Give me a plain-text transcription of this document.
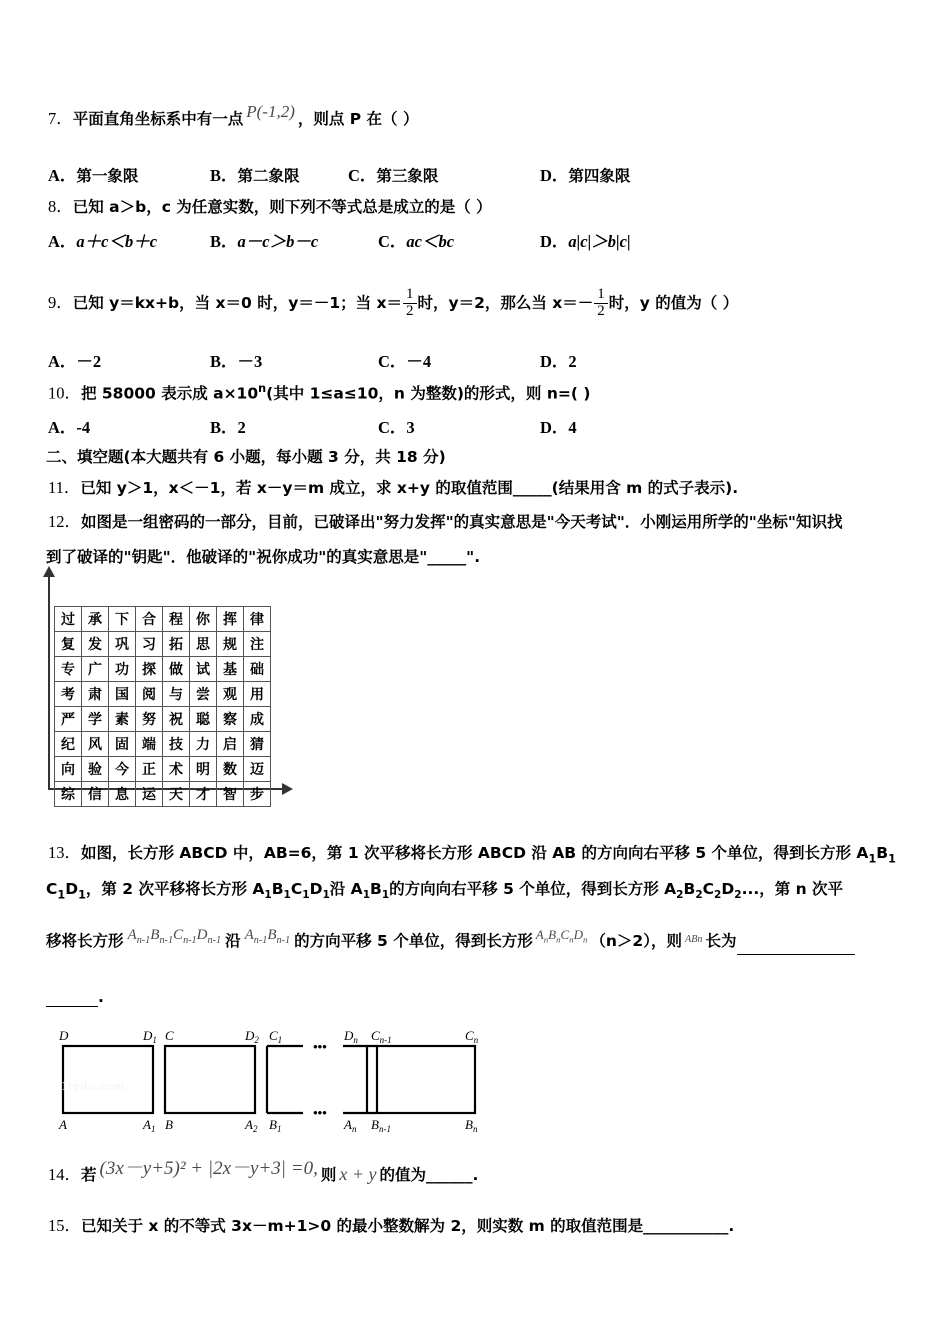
7．平面直角坐标系中有一点 P(-1,2) ，则点 P 在（ ）
A．第一象限	B．第二象限	C．第三象限	D．第四象限
8．已知 a＞b，c 为任意实数，则下列不等式总是成立的是（ ）
A．a＋c＜b＋c	B．a－c＞b－c	C．ac＜bc	D．a|c|＞b|c|
9．已知 y＝kx+b，当 x＝0 时，y＝－1；当 $x= \frac{1}{2}$ 时，y＝2，那么当 $x=- \frac{1}{2}$ 时，y 的值为（ ）
A．－2	B．－3	C．－4	D．2
10．把 58000 表示成 $a\times 10^n$(其中 1≤a≤10，n 为整数)的形式，则 n=( )
A．-4	B．2	C．3	D．4
二、填空题(本大题共有 6 小题，每小题 3 分，共 18 分)
11．已知 y＞1，x＜－1，若 x－y＝m 成立，求 x+y 的取值范围_____(结果用含 m 的式子表示).
12．如图是一组密码的一部分，目前，已破译出"努力发挥"的真实意思是"今天考试"．小刚运用所学的"坐标"知识找
到了破译的"钥匙"．他破译的"祝你成功"的真实意思是"_____".
过	承	下	合	程	你	挥	律
复	发	巩	习	拓	思	规	注
专	广	功	探	做	试	基	础
考	肃	国	阅	与	尝	观	用
严	学	素	努	祝	聪	察	成
纪	风	固	端	技	力	启	猜
向	验	今	正	术	明	数	迈
综	信	息	运	天	才	智	步
13．如图，长方形 ABCD 中，AB=6，第 1 次平移将长方形 ABCD 沿 AB 的方向向右平移 5 个单位，得到长方形 $A_1B_1$
$C_1D_1$，第 2 次平移将长方形 $A_1B_1C_1D_1$沿 $A_1B_1$的方向向右平移 5 个单位，得到长方形 $A_2B_2C_2D_2$...，第 n 次平
移将长方形 $A_{n-1}B_{n-1}C_{n-1}D_{n-1}$ 沿 $A_{n-1}B_{n-1}$ 的方向平移 5 个单位，得到长方形 $^{A_nB_nC_nD_n}$ （n＞2），则 $_{ABn}$ 长为
.
1redo.com
•••
•••
D	$D_1$ C	$D_2$ $C_1$	$D_n$ $C_{n-1}$	$C_n$
A	$A_1$ B	$A_2$ $B_1$	$A_n$ $B_{n-1}$	$B_n$
14．若 (3x－y+5)² + |2x－y+3| =0, 则 x + y 的值为______.
15．已知关于 x 的不等式 3x－m+1>0 的最小整数解为 2，则实数 m 的取值范围是___________.
